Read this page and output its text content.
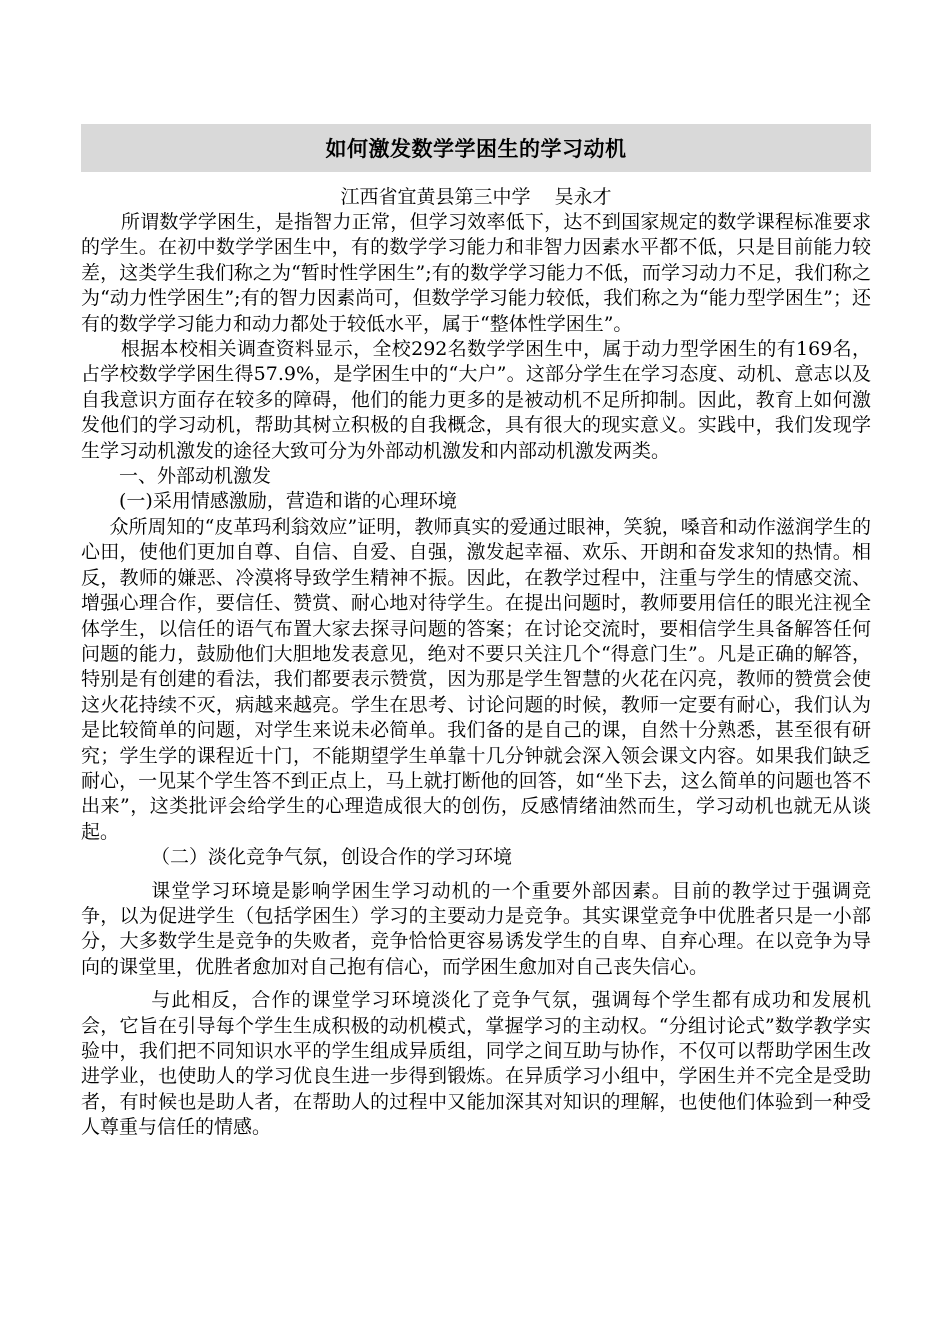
如何激发数学学困生的学习动机
江西省宜黄县第三中学 吴永才

所谓数学学困生，是指智力正常，但学习效率低下，达不到国家规定的数学课程标准要求的学生。在初中数学学困生中，有的数学学习能力和非智力因素水平都不低，只是目前能力较差，这类学生我们称之为“暂时性学困生”;有的数学学习能力不低，而学习动力不足，我们称之为“动力性学困生”;有的智力因素尚可，但数学学习能力较低，我们称之为“能力型学困生”；还有的数学学习能力和动力都处于较低水平，属于“整体性学困生”。

根据本校相关调查资料显示，全校292名数学学困生中，属于动力型学困生的有169名，占学校数学学困生得57.9%，是学困生中的“大户”。这部分学生在学习态度、动机、意志以及自我意识方面存在较多的障碍，他们的能力更多的是被动机不足所抑制。因此，教育上如何激发他们的学习动机，帮助其树立积极的自我概念，具有很大的现实意义。实践中，我们发现学生学习动机激发的途径大致可分为外部动机激发和内部动机激发两类。

一、外部动机激发

(一)采用情感激励，营造和谐的心理环境

众所周知的“皮革玛利翁效应”证明，教师真实的爱通过眼神，笑貌，嗓音和动作滋润学生的心田，使他们更加自尊、自信、自爱、自强，激发起幸福、欢乐、开朗和奋发求知的热情。相反，教师的嫌恶、冷漠将导致学生精神不振。因此，在教学过程中，注重与学生的情感交流、增强心理合作，要信任、赞赏、耐心地对待学生。在提出问题时，教师要用信任的眼光注视全体学生，以信任的语气布置大家去探寻问题的答案；在讨论交流时，要相信学生具备解答任何问题的能力，鼓励他们大胆地发表意见，绝对不要只关注几个“得意门生”。凡是正确的解答，特别是有创建的看法，我们都要表示赞赏，因为那是学生智慧的火花在闪亮，教师的赞赏会使这火花持续不灭，病越来越亮。学生在思考、讨论问题的时候，教师一定要有耐心，我们认为是比较简单的问题，对学生来说未必简单。我们备的是自己的课，自然十分熟悉，甚至很有研究；学生学的课程近十门，不能期望学生单靠十几分钟就会深入领会课文内容。如果我们缺乏耐心，一见某个学生答不到正点上，马上就打断他的回答，如“坐下去，这么简单的问题也答不出来”，这类批评会给学生的心理造成很大的创伤，反感情绪油然而生，学习动机也就无从谈起。

（二）淡化竞争气氛，创设合作的学习环境

课堂学习环境是影响学困生学习动机的一个重要外部因素。目前的教学过于强调竞争，以为促进学生（包括学困生）学习的主要动力是竞争。其实课堂竞争中优胜者只是一小部分，大多数学生是竞争的失败者，竞争恰恰更容易诱发学生的自卑、自弃心理。在以竞争为导向的课堂里，优胜者愈加对自己抱有信心，而学困生愈加对自己丧失信心。

与此相反，合作的课堂学习环境淡化了竞争气氛，强调每个学生都有成功和发展机会，它旨在引导每个学生生成积极的动机模式，掌握学习的主动权。“分组讨论式”数学教学实验中，我们把不同知识水平的学生组成异质组，同学之间互助与协作，不仅可以帮助学困生改进学业，也使助人的学习优良生进一步得到锻炼。在异质学习小组中，学困生并不完全是受助者，有时候也是助人者，在帮助人的过程中又能加深其对知识的理解，也使他们体验到一种受人尊重与信任的情感。
